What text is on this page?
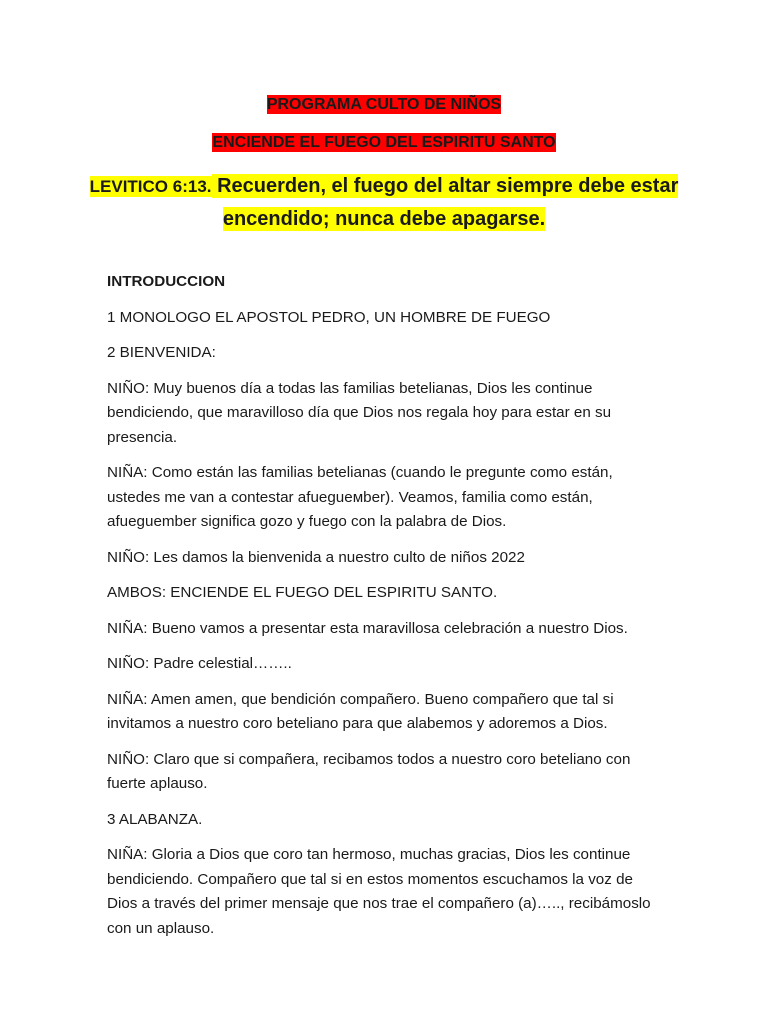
PROGRAMA CULTO DE NIÑOS
ENCIENDE EL FUEGO DEL ESPIRITU SANTO
LEVITICO 6:13. Recuerden, el fuego del altar siempre debe estar encendido; nunca debe apagarse.

INTRODUCCION

1 MONOLOGO EL APOSTOL PEDRO, UN HOMBRE DE FUEGO

2 BIENVENIDA:

NIÑO: Muy buenos día a todas las familias betelianas, Dios les continue bendiciendo, que maravilloso día que Dios nos regala hoy para estar en su presencia.

NIÑA: Como están las familias betelianas (cuando le pregunte como están, ustedes me van a contestar afuegueмber). Veamos, familia como están, afueguember significa gozo y fuego con la palabra de Dios.

NIÑO: Les damos la bienvenida a nuestro culto de niños 2022

AMBOS: ENCIENDE EL FUEGO DEL ESPIRITU SANTO.

NIÑA: Bueno vamos a presentar esta maravillosa celebración a nuestro Dios.

NIÑO: Padre celestial……..

NIÑA: Amen amen, que bendición compañero. Bueno compañero que tal si invitamos a nuestro coro beteliano para que alabemos y adoremos a Dios.

NIÑO: Claro que si compañera, recibamos todos a nuestro coro beteliano con fuerte aplauso.

3 ALABANZA.

NIÑA: Gloria a Dios que coro tan hermoso, muchas gracias, Dios les continue bendiciendo. Compañero que tal si en estos momentos escuchamos la voz de Dios a través del primer mensaje que nos trae el compañero (a)….., recibámoslo con un aplauso.
